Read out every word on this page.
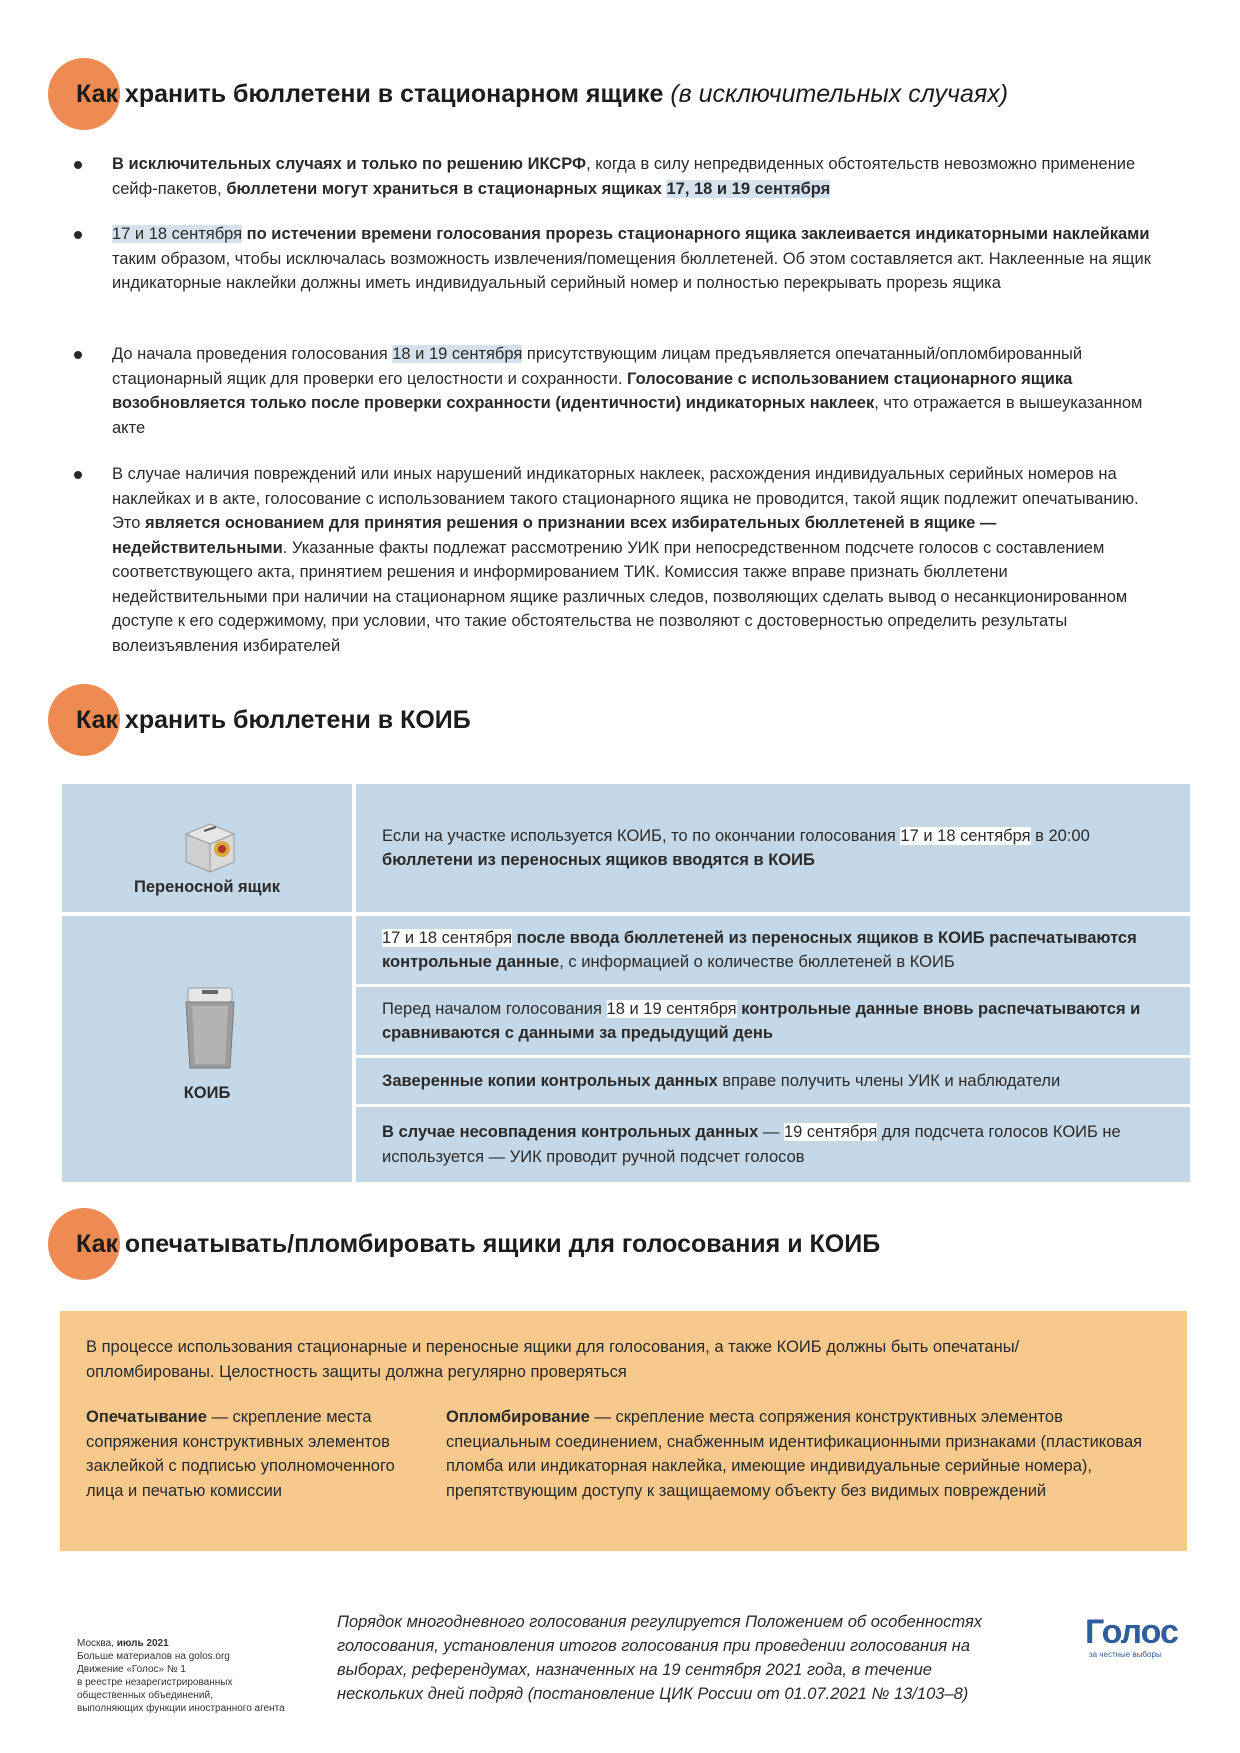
Как хранить бюллетени в стационарном ящике (в исключительных случаях)
В исключительных случаях и только по решению ИКСРФ, когда в силу непредвиденных обстоятельств невозможно применение сейф-пакетов, бюллетени могут храниться в стационарных ящиках 17, 18 и 19 сентября
17 и 18 сентября по истечении времени голосования прорезь стационарного ящика заклеивается индикаторными наклейками таким образом, чтобы исключалась возможность извлечения/помещения бюллетеней. Об этом составляется акт. Наклеенные на ящик индикаторные наклейки должны иметь индивидуальный серийный номер и полностью перекрывать прорезь ящика
До начала проведения голосования 18 и 19 сентября присутствующим лицам предъявляется опечатанный/опломбированный стационарный ящик для проверки его целостности и сохранности. Голосование с использованием стационарного ящика возобновляется только после проверки сохранности (идентичности) индикаторных наклеек, что отражается в вышеуказанном акте
В случае наличия повреждений или иных нарушений индикаторных наклеек, расхождения индивидуальных серийных номеров на наклейках и в акте, голосование с использованием такого стационарного ящика не проводится, такой ящик подлежит опечатыванию. Это является основанием для принятия решения о признании всех избирательных бюллетеней в ящике — недействительными. Указанные факты подлежат рассмотрению УИК при непосредственном подсчете голосов с составлением соответствующего акта, принятием решения и информированием ТИК. Комиссия также вправе признать бюллетени недействительными при наличии на стационарном ящике различных следов, позволяющих сделать вывод о несанкционированном доступе к его содержимому, при условии, что такие обстоятельства не позволяют с достоверностью определить результаты волеизъявления избирателей
Как хранить бюллетени в КОИБ
Переносной ящик
КОИБ
Если на участке используется КОИБ, то по окончании голосования 17 и 18 сентября в 20:00
бюллетени из переносных ящиков вводятся в КОИБ
17 и 18 сентября после ввода бюллетеней из переносных ящиков в КОИБ распечатываются контрольные данные, с информацией о количестве бюллетеней в КОИБ
Перед началом голосования 18 и 19 сентября контрольные данные вновь распечатываются и сравниваются с данными за предыдущий день
Заверенные копии контрольных данных вправе получить члены УИК и наблюдатели
В случае несовпадения контрольных данных — 19 сентября для подсчета голосов КОИБ не используется — УИК проводит ручной подсчет голосов
Как опечатывать/пломбировать ящики для голосования и КОИБ
В процессе использования стационарные и переносные ящики для голосования, а также КОИБ должны быть опечатаны/опломбированы. Целостность защиты должна регулярно проверяться
Опечатывание — скрепление места сопряжения конструктивных элементов заклейкой с подписью уполномоченного лица и печатью комиссии
Опломбирование — скрепление места сопряжения конструктивных элементов специальным соединением, снабженным идентификационными признаками (пластиковая пломба или индикаторная наклейка, имеющие индивидуальные серийные номера), препятствующим доступу к защищаемому объекту без видимых повреждений
Москва, июль 2021
Больше материалов на golos.org
Движение «Голос» № 1
в реестре незарегистрированных
общественных объединений,
выполняющих функции иностранного агента
Порядок многодневного голосования регулируется Положением об особенностях голосования, установления итогов голосования при проведении голосования на выборах, референдумах, назначенных на 19 сентября 2021 года, в течение нескольких дней подряд (постановление ЦИК России от 01.07.2021 № 13/103–8)
Голос
за честные выборы
